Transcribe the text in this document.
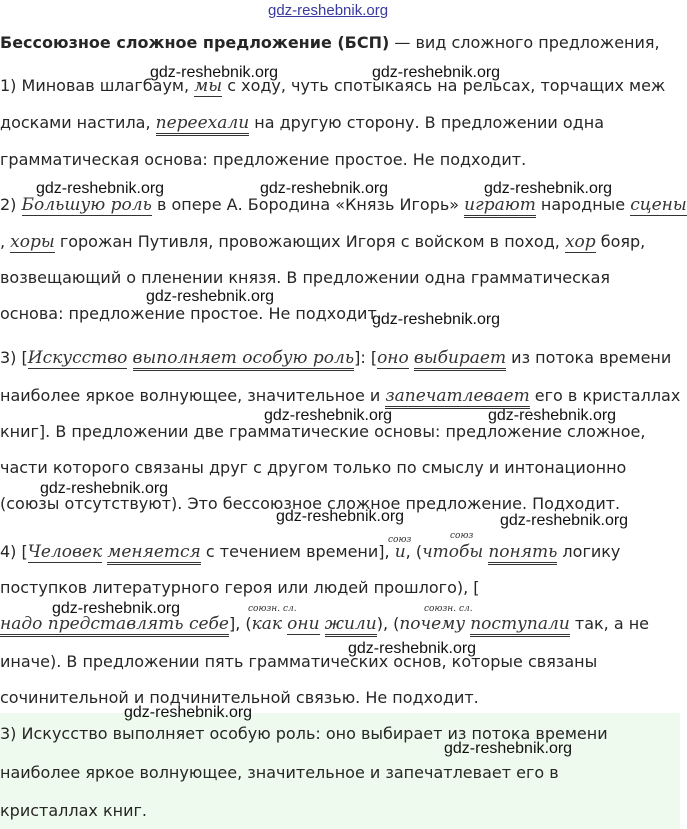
gdz-reshebnik.org
gdz-reshebnik.org	gdz-reshebnik.org
gdz-reshebnik.org	gdz-reshebnik.org	gdz-reshebnik.org
gdz-reshebnik.org
gdz-reshebnik.org
gdz-reshebnik.org	gdz-reshebnik.org
gdz-reshebnik.org
gdz-reshebnik.org	gdz-reshebnik.org
gdz-reshebnik.org
gdz-reshebnik.org
gdz-reshebnik.org
gdz-reshebnik.org
Бессоюзное сложное предложение (БСП) — вид сложного предложения,
1) Миновав шлагбаум, мы с ходу, чуть спотыкаясь на рельсах, торчащих меж
досками настила, переехали на другую сторону. В предложении одна
грамматическая основа: предложение простое. Не подходит.
2) Большую роль в опере А. Бородина «Князь Игорь» играют народные сцены
, хоры горожан Путивля, провожающих Игоря с войском в поход, хор бояр,
возвещающий о пленении князя. В предложении одна грамматическая
основа: предложение простое. Не подходит.
3) [Искусство выполняет особую роль]: [оно выбирает из потока времени
наиболее яркое волнующее, значительное и запечатлевает его в кристаллах
книг]. В предложении две грамматические основы: предложение сложное,
части которого связаны друг с другом только по смыслу и интонационно
(союзы отсутствуют). Это бессоюзное сложное предложение. Подходит.
союз	союз
4) [Человек меняется с течением времени], и, (чтобы понять логику
поступков литературного героя или людей прошлого), [
союзн. сл.	союзн. сл.
надо представлять себе], (как они жили), (почему поступали так, а не
иначе). В предложении пять грамматических основ, которые связаны
сочинительной и подчинительной связью. Не подходит.
3) Искусство выполняет особую роль: оно выбирает из потока времени
наиболее яркое волнующее, значительное и запечатлевает его в
кристаллах книг.
